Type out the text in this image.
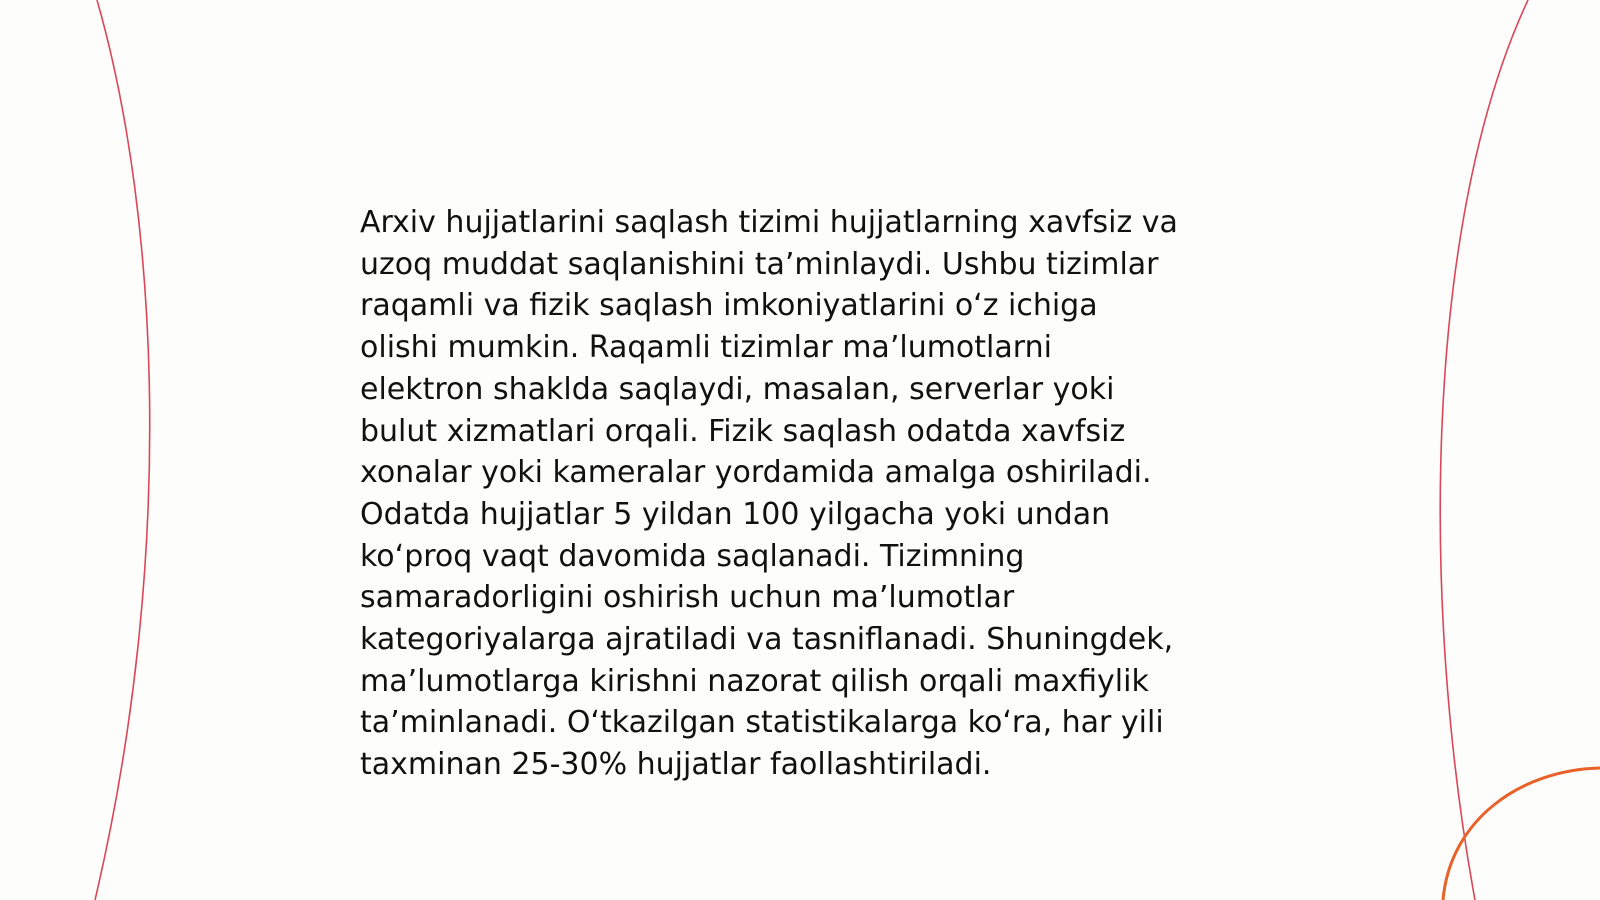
Arxiv hujjatlarini saqlash tizimi hujjatlarning xavfsiz va
uzoq muddat saqlanishini ta’minlaydi. Ushbu tizimlar
raqamli va fizik saqlash imkoniyatlarini o‘z ichiga
olishi mumkin. Raqamli tizimlar ma’lumotlarni
elektron shaklda saqlaydi, masalan, serverlar yoki
bulut xizmatlari orqali. Fizik saqlash odatda xavfsiz
xonalar yoki kameralar yordamida amalga oshiriladi.
Odatda hujjatlar 5 yildan 100 yilgacha yoki undan
ko‘proq vaqt davomida saqlanadi. Tizimning
samaradorligini oshirish uchun ma’lumotlar
kategoriyalarga ajratiladi va tasniflanadi. Shuningdek,
ma’lumotlarga kirishni nazorat qilish orqali maxfiylik
ta’minlanadi. O‘tkazilgan statistikalarga ko‘ra, har yili
taxminan 25-30% hujjatlar faollashtiriladi.
